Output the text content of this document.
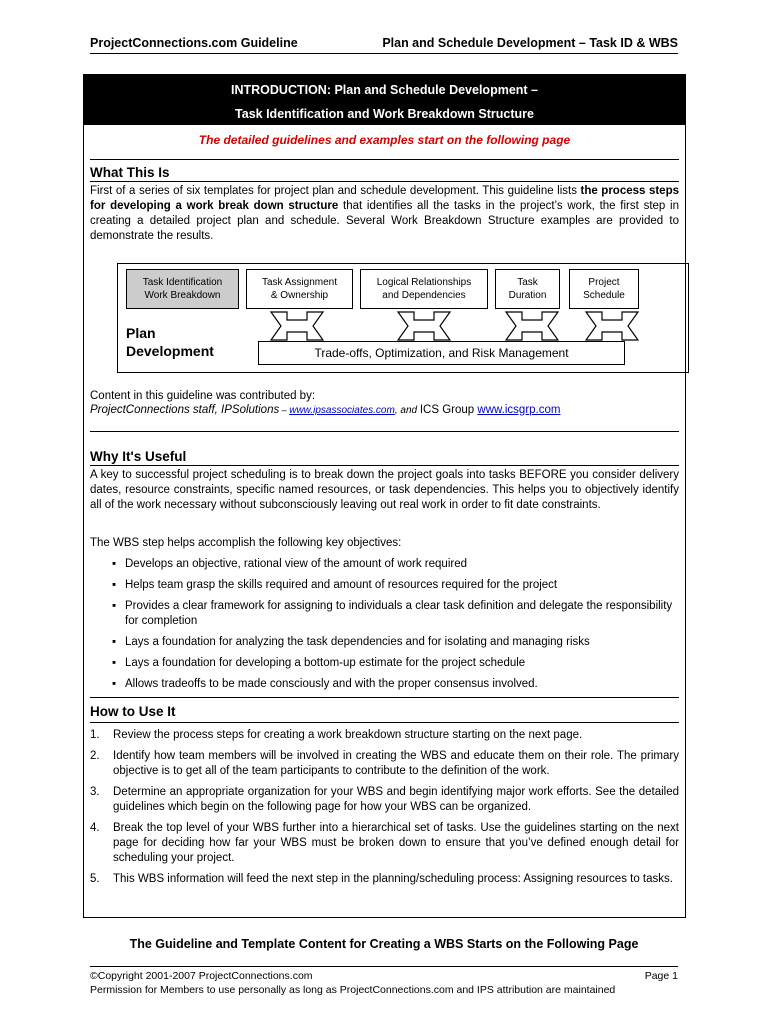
ProjectConnections.com Guideline	Plan and Schedule Development – Task ID & WBS
INTRODUCTION: Plan and Schedule Development –
Task Identification and Work Breakdown Structure
The detailed guidelines and examples start on the following page
What This Is
First of a series of six templates for project plan and schedule development. This guideline lists the process steps for developing a work break down structure that identifies all the tasks in the project’s work, the first step in creating a detailed project plan and schedule. Several Work Breakdown Structure examples are provided to demonstrate the results.
Task Identification
Work Breakdown
Task Assignment
& Ownership
Logical Relationships
and Dependencies
Task
Duration
Project
Schedule
Plan
Development	Trade-offs, Optimization, and Risk Management
Content in this guideline was contributed by:
ProjectConnections staff, IPSolutions – www.ipsassociates.com, and ICS Group www.icsgrp.com
Why It's Useful
A key to successful project scheduling is to break down the project goals into tasks BEFORE you consider delivery dates, resource constraints, specific named resources, or task dependencies. This helps you to objectively identify all of the work necessary without subconsciously leaving out real work in order to fit date constraints.
The WBS step helps accomplish the following key objectives:
▪ Develops an objective, rational view of the amount of work required
▪ Helps team grasp the skills required and amount of resources required for the project
▪ Provides a clear framework for assigning to individuals a clear task definition and delegate the responsibility for completion
▪ Lays a foundation for analyzing the task dependencies and for isolating and managing risks
▪ Lays a foundation for developing a bottom-up estimate for the project schedule
▪ Allows tradeoffs to be made consciously and with the proper consensus involved.
How to Use It
1. Review the process steps for creating a work breakdown structure starting on the next page.
2. Identify how team members will be involved in creating the WBS and educate them on their role. The primary objective is to get all of the team participants to contribute to the definition of the work.
3. Determine an appropriate organization for your WBS and begin identifying major work efforts. See the detailed guidelines which begin on the following page for how your WBS can be organized.
4. Break the top level of your WBS further into a hierarchical set of tasks. Use the guidelines starting on the next page for deciding how far your WBS must be broken down to ensure that you’ve defined enough detail for scheduling your project.
5. This WBS information will feed the next step in the planning/scheduling process: Assigning resources to tasks.
The Guideline and Template Content for Creating a WBS Starts on the Following Page
©Copyright 2001-2007 ProjectConnections.com	Page 1
Permission for Members to use personally as long as ProjectConnections.com and IPS attribution are maintained
